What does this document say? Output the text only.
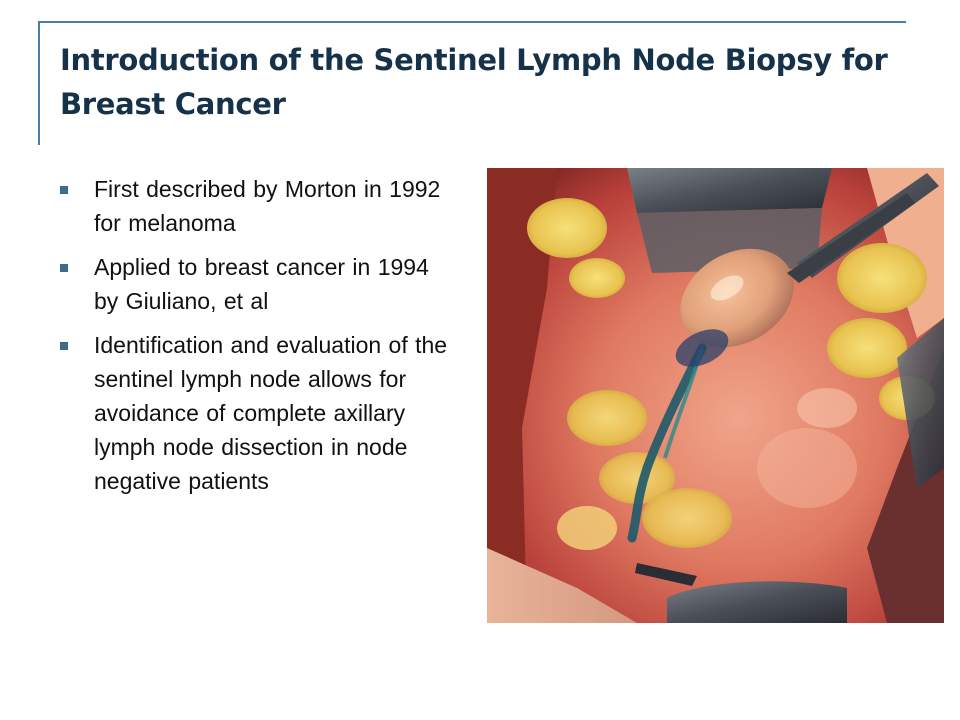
Introduction of the Sentinel Lymph Node Biopsy for Breast Cancer
First described by Morton in 1992 for melanoma
Applied to breast cancer in 1994 by Giuliano, et al
Identification and evaluation of the sentinel lymph node allows for avoidance of complete axillary lymph node dissection in node negative patients
